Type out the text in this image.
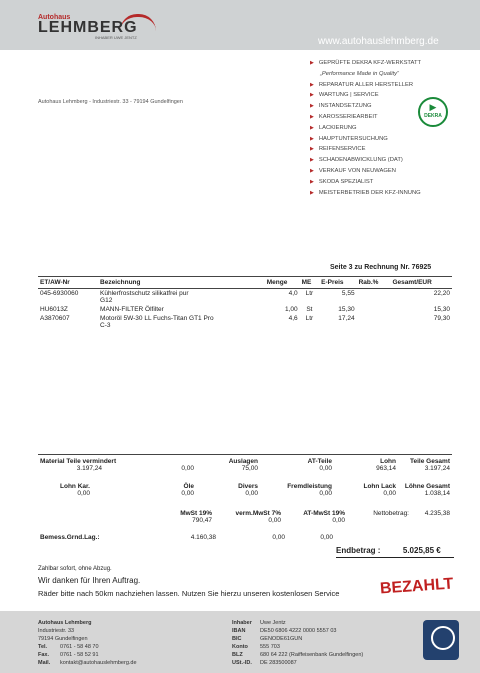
Autohaus
LEHMBERG
INHABER UWE JENTZ	www.autohauslehmberg.de
Autohaus Lehmberg - Industriestr. 33 - 79194 Gundelfingen
▶ GEPRÜFTE DEKRA KFZ-WERKSTATT
„Performance Made in Quality“
▶ REPARATUR ALLER HERSTELLER
▶ WARTUNG | SERVICE
▶ INSTANDSETZUNG
▶ KAROSSERIEARBEIT
▶ LACKIERUNG
▶ HAUPTUNTERSUCHUNG
▶ REIFENSERVICE
▶ SCHADENABWICKLUNG (DAT)
▶ VERKAUF VON NEUWAGEN
▶ SKODA SPEZIALIST
▶ MEISTERBETRIEB DER KFZ-INNUNG
▶
DEKRA
Seite 3 zu Rechnung Nr. 76925
ET/AW-Nr	Bezeichnung	Menge	ME	E-Preis	Rab.%	Gesamt/EUR
045-6930060	Kühlerfrostschutz silikatfrei pur
G12	4,0	Ltr	5,55		22,20
HU6013Z	MANN-FILTER Ölfilter	1,00	St	15,30		15,30
A3870607	Motoröl 5W-30 LL Fuchs-Titan GT1 Pro
C-3	4,6	Ltr	17,24		79,30
Material Teile vermindert		Auslagen	AT-Teile	Lohn	Teile Gesamt
3.197,24	0,00	75,00	0,00	963,14	3.197,24
Lohn Kar.	Öle	Divers	Fremdleistung	Lohn Lack	Löhne Gesamt
0,00	0,00	0,00	0,00	0,00	1.038,14
MwSt 19%	verm.MwSt 7%	AT-MwSt 19%	Nettobetrag:	4.235,38
790,47	0,00	0,00		
Bemess.Grnd.Lag.:	4.160,38	0,00	0,00
Endbetrag :	5.025,85 €
Zahlbar sofort, ohne Abzug.
Wir danken für Ihren Auftrag.
Räder bitte nach 50km nachziehen lassen. Nutzen Sie hierzu unseren kostenlosen Service	BEZAHLT
Autohaus Lehmberg
Industriestr. 33
79194 Gundelfingen
Tel. 0761 - 58 48 70
Fax. 0761 - 58 52 91
Mail. kontakt@autohauslehmberg.de
Inhaber Uwe Jentz
IBAN	DE50 6806 4222 0000 5557 03
BIC	GENODE61GUN
Konto 555 703
BLZ	680 64 222 (Raiffeisenbank Gundelfingen)
USt.-ID. DE 283500087
